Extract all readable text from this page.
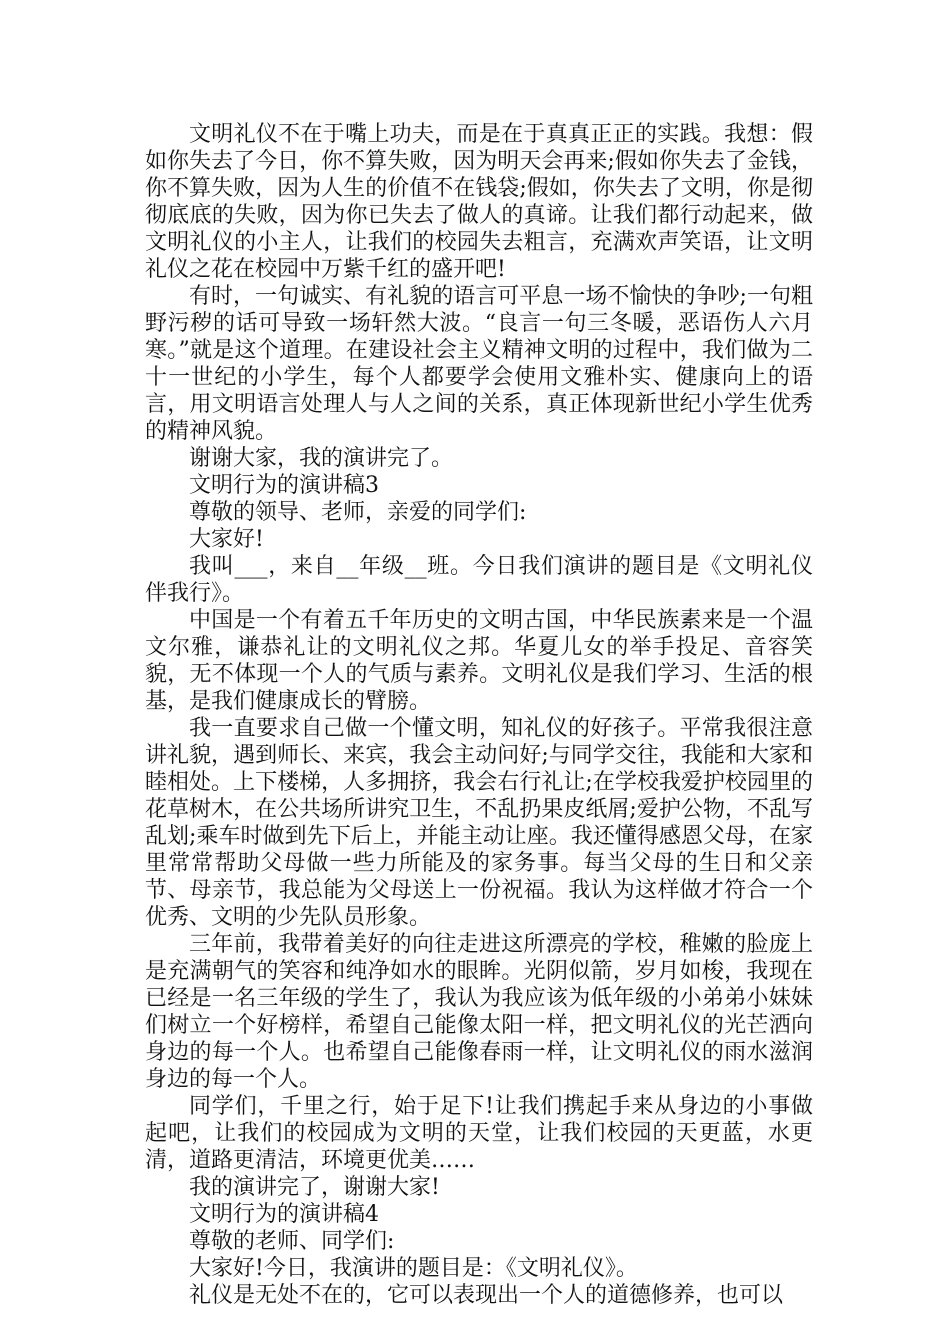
文明礼仪不在于嘴上功夫，而是在于真真正正的实践。我想：假如你失去了今日，你不算失败，因为明天会再来;假如你失去了金钱，你不算失败，因为人生的价值不在钱袋;假如，你失去了文明，你是彻彻底底的失败，因为你已失去了做人的真谛。让我们都行动起来，做文明礼仪的小主人，让我们的校园失去粗言，充满欢声笑语，让文明礼仪之花在校园中万紫千红的盛开吧!

有时，一句诚实、有礼貌的语言可平息一场不愉快的争吵;一句粗野污秽的话可导致一场轩然大波。“良言一句三冬暖，恶语伤人六月寒。”就是这个道理。在建设社会主义精神文明的过程中，我们做为二十一世纪的小学生，每个人都要学会使用文雅朴实、健康向上的语言，用文明语言处理人与人之间的关系，真正体现新世纪小学生优秀的精神风貌。

谢谢大家，我的演讲完了。

文明行为的演讲稿3

尊敬的领导、老师，亲爱的同学们:

大家好!

我叫___，来自__年级__班。今日我们演讲的题目是《文明礼仪伴我行》。

中国是一个有着五千年历史的文明古国，中华民族素来是一个温文尔雅，谦恭礼让的文明礼仪之邦。华夏儿女的举手投足、音容笑貌，无不体现一个人的气质与素养。文明礼仪是我们学习、生活的根基，是我们健康成长的臂膀。

我一直要求自己做一个懂文明，知礼仪的好孩子。平常我很注意讲礼貌，遇到师长、来宾，我会主动问好;与同学交往，我能和大家和睦相处。上下楼梯，人多拥挤，我会右行礼让;在学校我爱护校园里的花草树木，在公共场所讲究卫生，不乱扔果皮纸屑;爱护公物，不乱写乱划;乘车时做到先下后上，并能主动让座。我还懂得感恩父母，在家里常常帮助父母做一些力所能及的家务事。每当父母的生日和父亲节、母亲节，我总能为父母送上一份祝福。我认为这样做才符合一个优秀、文明的少先队员形象。

三年前，我带着美好的向往走进这所漂亮的学校，稚嫩的脸庞上是充满朝气的笑容和纯净如水的眼眸。光阴似箭，岁月如梭，我现在已经是一名三年级的学生了，我认为我应该为低年级的小弟弟小妹妹们树立一个好榜样，希望自己能像太阳一样，把文明礼仪的光芒洒向身边的每一个人。也希望自己能像春雨一样，让文明礼仪的雨水滋润身边的每一个人。

同学们，千里之行，始于足下!让我们携起手来从身边的小事做起吧，让我们的校园成为文明的天堂，让我们校园的天更蓝，水更清，道路更清洁，环境更优美……

我的演讲完了，谢谢大家!

文明行为的演讲稿4

尊敬的老师、同学们:

大家好!今日，我演讲的题目是：《文明礼仪》。

礼仪是无处不在的，它可以表现出一个人的道德修养，也可以
